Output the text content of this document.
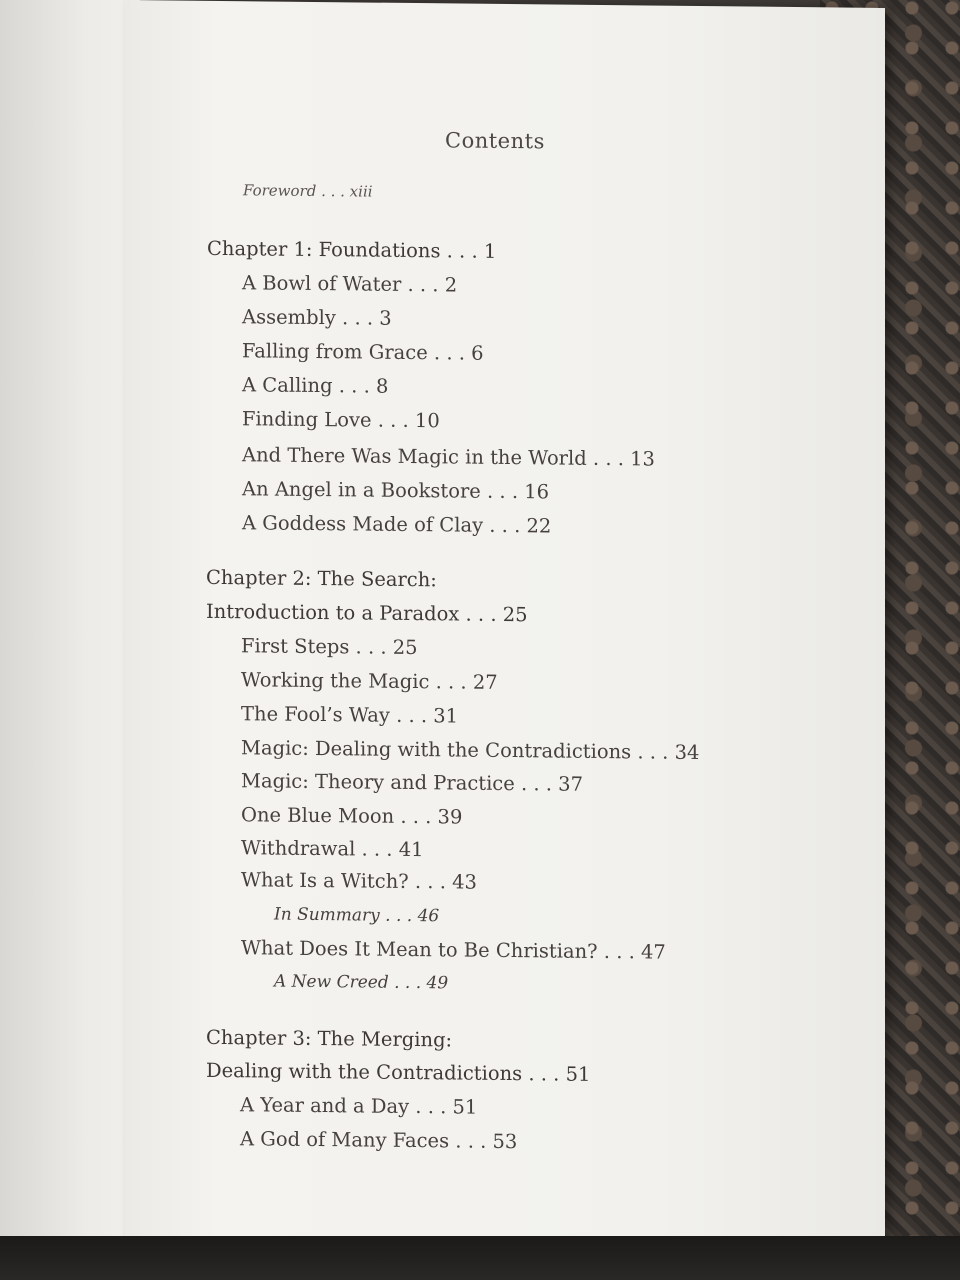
Contents
Foreword . . . xiii
Chapter 1: Foundations . . . 1
A Bowl of Water . . . 2
Assembly . . . 3
Falling from Grace . . . 6
A Calling . . . 8
Finding Love . . . 10
And There Was Magic in the World . . . 13
An Angel in a Bookstore . . . 16
A Goddess Made of Clay . . . 22
Chapter 2: The Search:
Introduction to a Paradox . . . 25
First Steps . . . 25
Working the Magic . . . 27
The Fool’s Way . . . 31
Magic: Dealing with the Contradictions . . . 34
Magic: Theory and Practice . . . 37
One Blue Moon . . . 39
Withdrawal . . . 41
What Is a Witch? . . . 43
In Summary . . . 46
What Does It Mean to Be Christian? . . . 47
A New Creed . . . 49
Chapter 3: The Merging:
Dealing with the Contradictions . . . 51
A Year and a Day . . . 51
A God of Many Faces . . . 53
